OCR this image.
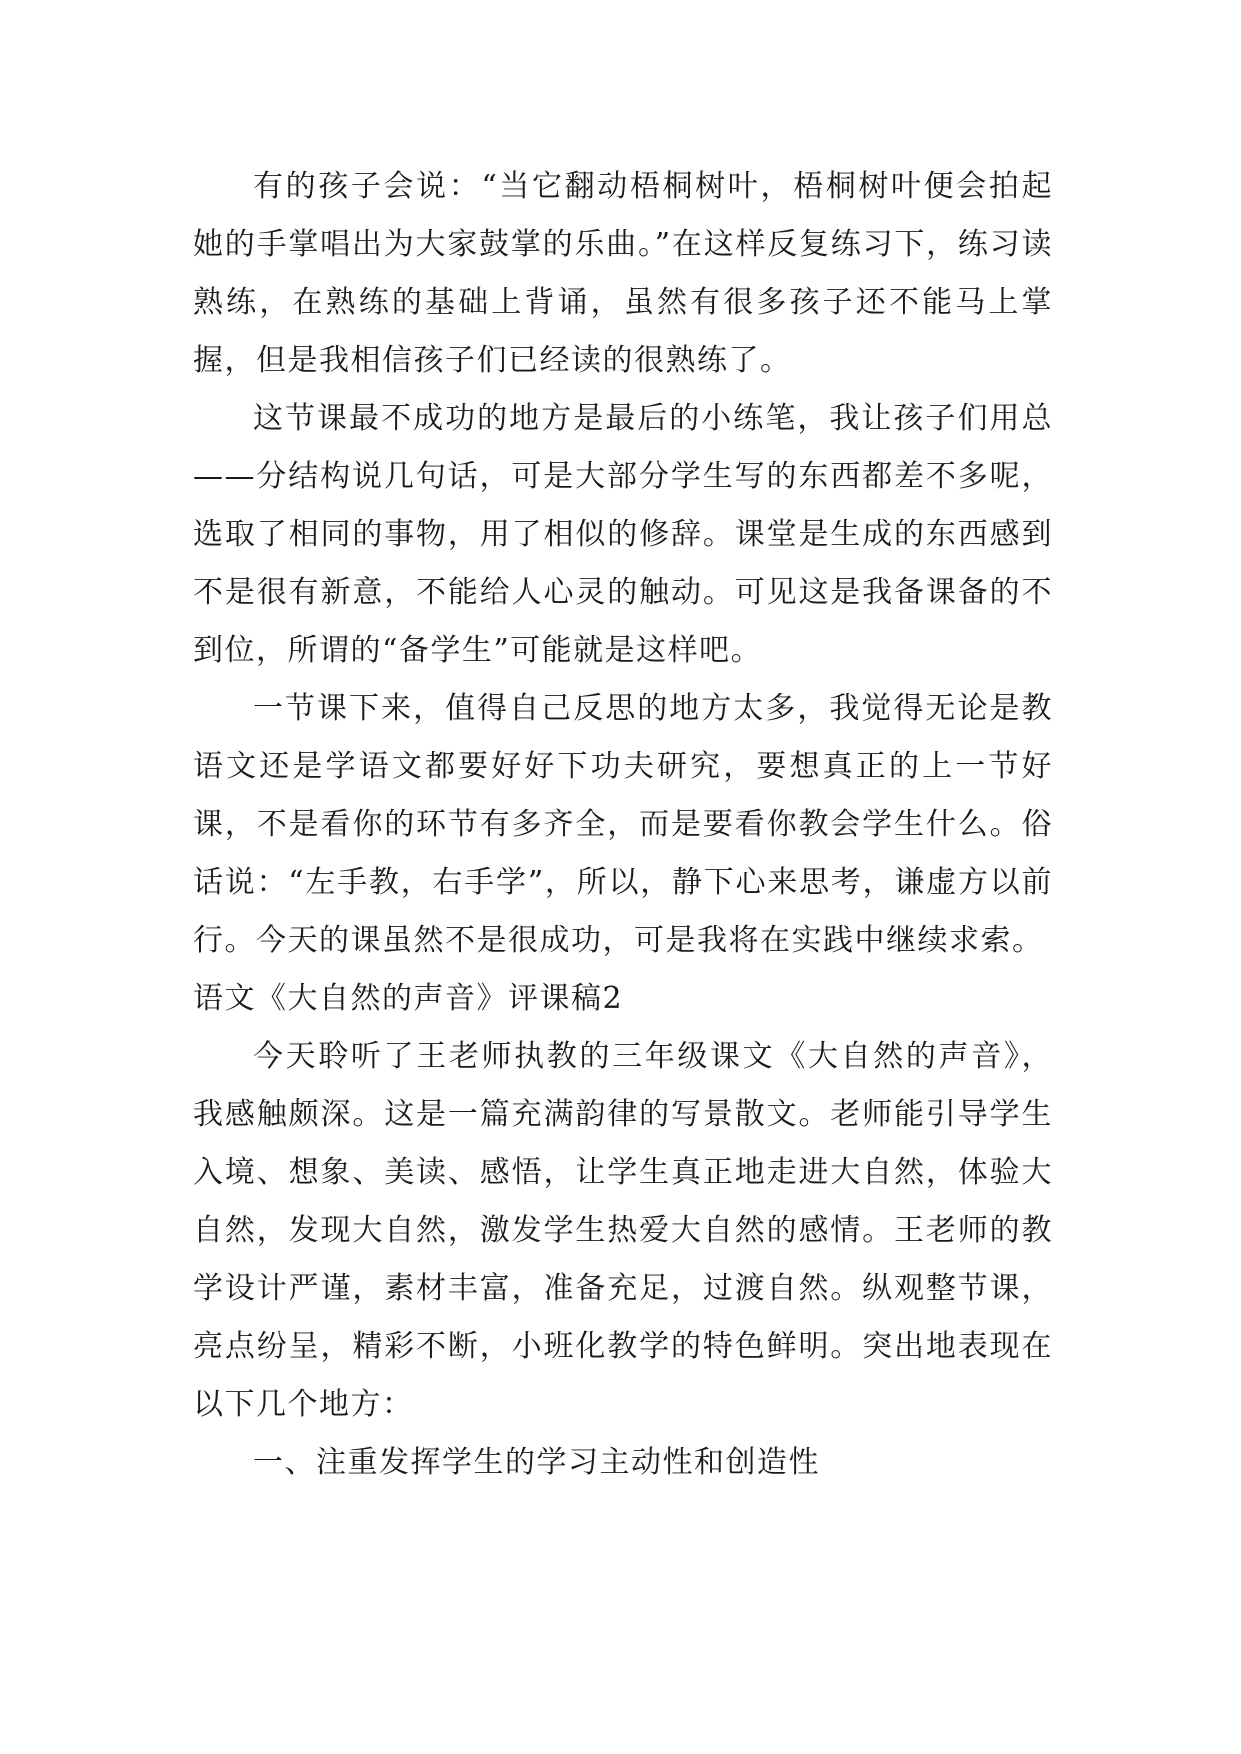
有的孩子会说：“当它翻动梧桐树叶，梧桐树叶便会拍起她的手掌唱出为大家鼓掌的乐曲。”在这样反复练习下，练习读熟练，在熟练的基础上背诵，虽然有很多孩子还不能马上掌握，但是我相信孩子们已经读的很熟练了。

这节课最不成功的地方是最后的小练笔，我让孩子们用总——分结构说几句话，可是大部分学生写的东西都差不多呢，选取了相同的事物，用了相似的修辞。课堂是生成的东西感到不是很有新意，不能给人心灵的触动。可见这是我备课备的不到位，所谓的“备学生”可能就是这样吧。

一节课下来，值得自己反思的地方太多，我觉得无论是教语文还是学语文都要好好下功夫研究，要想真正的上一节好课，不是看你的环节有多齐全，而是要看你教会学生什么。俗话说：“左手教，右手学”，所以，静下心来思考，谦虚方以前行。今天的课虽然不是很成功，可是我将在实践中继续求索。

语文《大自然的声音》评课稿2

今天聆听了王老师执教的三年级课文《大自然的声音》，我感触颇深。这是一篇充满韵律的写景散文。老师能引导学生入境、想象、美读、感悟，让学生真正地走进大自然，体验大自然，发现大自然，激发学生热爱大自然的感情。王老师的教学设计严谨，素材丰富，准备充足，过渡自然。纵观整节课，亮点纷呈，精彩不断，小班化教学的特色鲜明。突出地表现在以下几个地方：

一、注重发挥学生的学习主动性和创造性
